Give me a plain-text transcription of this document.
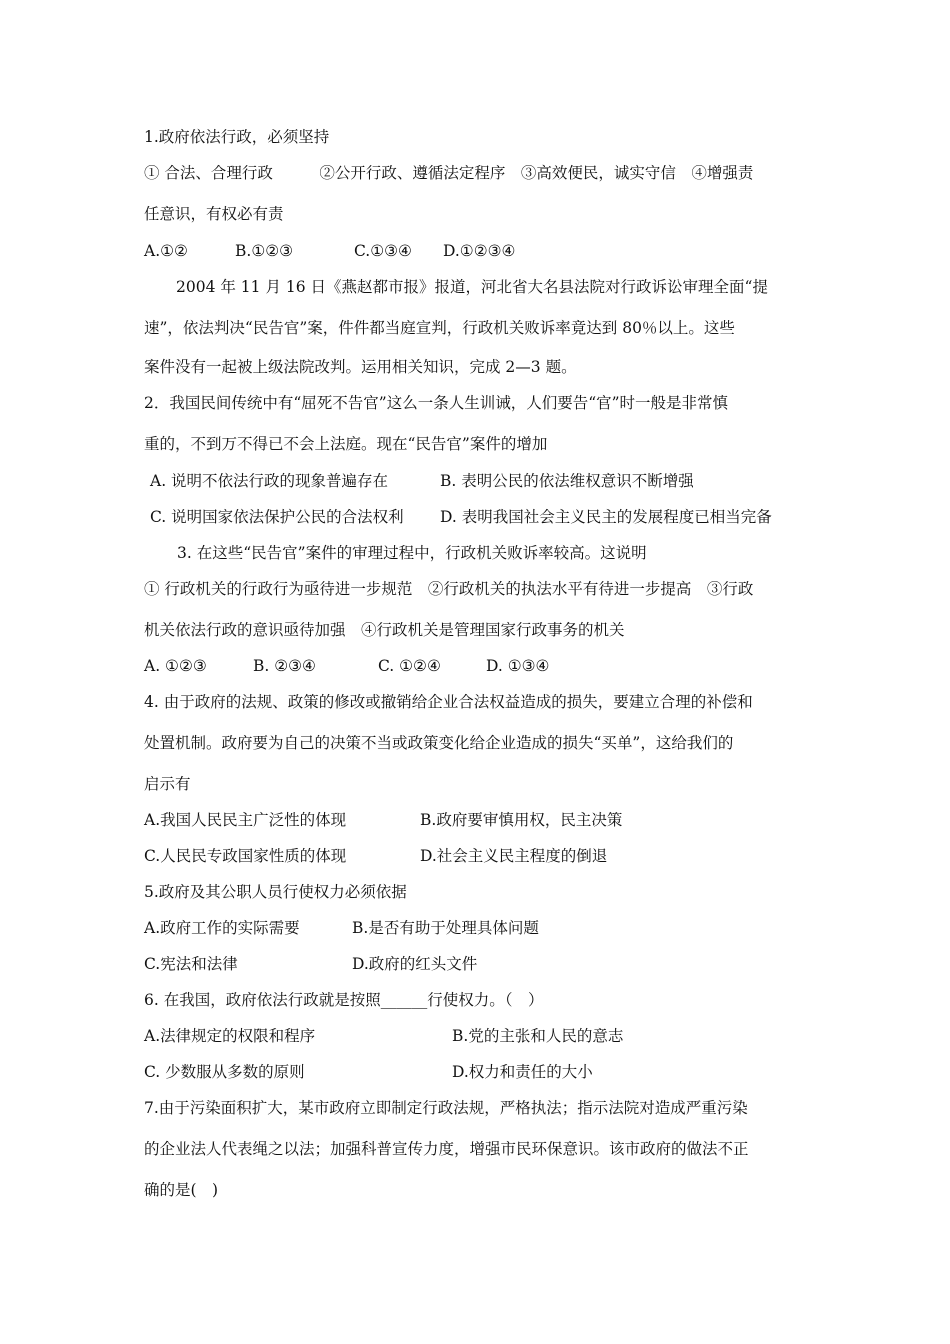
1.政府依法行政，必须坚持
① 合法、合理行政　　　②公开行政、遵循法定程序　③高效便民，诚实守信　④增强责
任意识，有权必有责
A.①②	B.①②③	C.①③④ D.①②③④
2004 年 11 月 16 日《燕赵都市报》报道，河北省大名县法院对行政诉讼审理全面“提
速”，依法判决“民告官”案，件件都当庭宣判，行政机关败诉率竟达到 80％以上。这些
案件没有一起被上级法院改判。运用相关知识，完成 2—3 题。
2．我国民间传统中有“屈死不告官”这么一条人生训诫，人们要告“官”时一般是非常慎
重的，不到万不得已不会上法庭。现在“民告官”案件的增加
A. 说明不依法行政的现象普遍存在	B. 表明公民的依法维权意识不断增强
C. 说明国家依法保护公民的合法权利 D. 表明我国社会主义民主的发展程度已相当完备
3. 在这些“民告官”案件的审理过程中，行政机关败诉率较高。这说明
① 行政机关的行政行为亟待进一步规范　②行政机关的执法水平有待进一步提高　③行政
机关依法行政的意识亟待加强　④行政机关是管理国家行政事务的机关
A. ①②③	B. ②③④	C. ①②④	D. ①③④
4. 由于政府的法规、政策的修改或撤销给企业合法权益造成的损失，要建立合理的补偿和
处置机制。政府要为自己的决策不当或政策变化给企业造成的损失“买单”，这给我们的
启示有
A.我国人民民主广泛性的体现	B.政府要审慎用权，民主决策
C.人民民专政国家性质的体现	D.社会主义民主程度的倒退
5.政府及其公职人员行使权力必须依据
A.政府工作的实际需要	B.是否有助于处理具体问题
C.宪法和法律	D.政府的红头文件
6. 在我国，政府依法行政就是按照______行使权力。（　）
A.法律规定的权限和程序	B.党的主张和人民的意志
C. 少数服从多数的原则	D.权力和责任的大小
7.由于污染面积扩大，某市政府立即制定行政法规，严格执法；指示法院对造成严重污染
的企业法人代表绳之以法；加强科普宣传力度，增强市民环保意识。该市政府的做法不正
确的是(　)
